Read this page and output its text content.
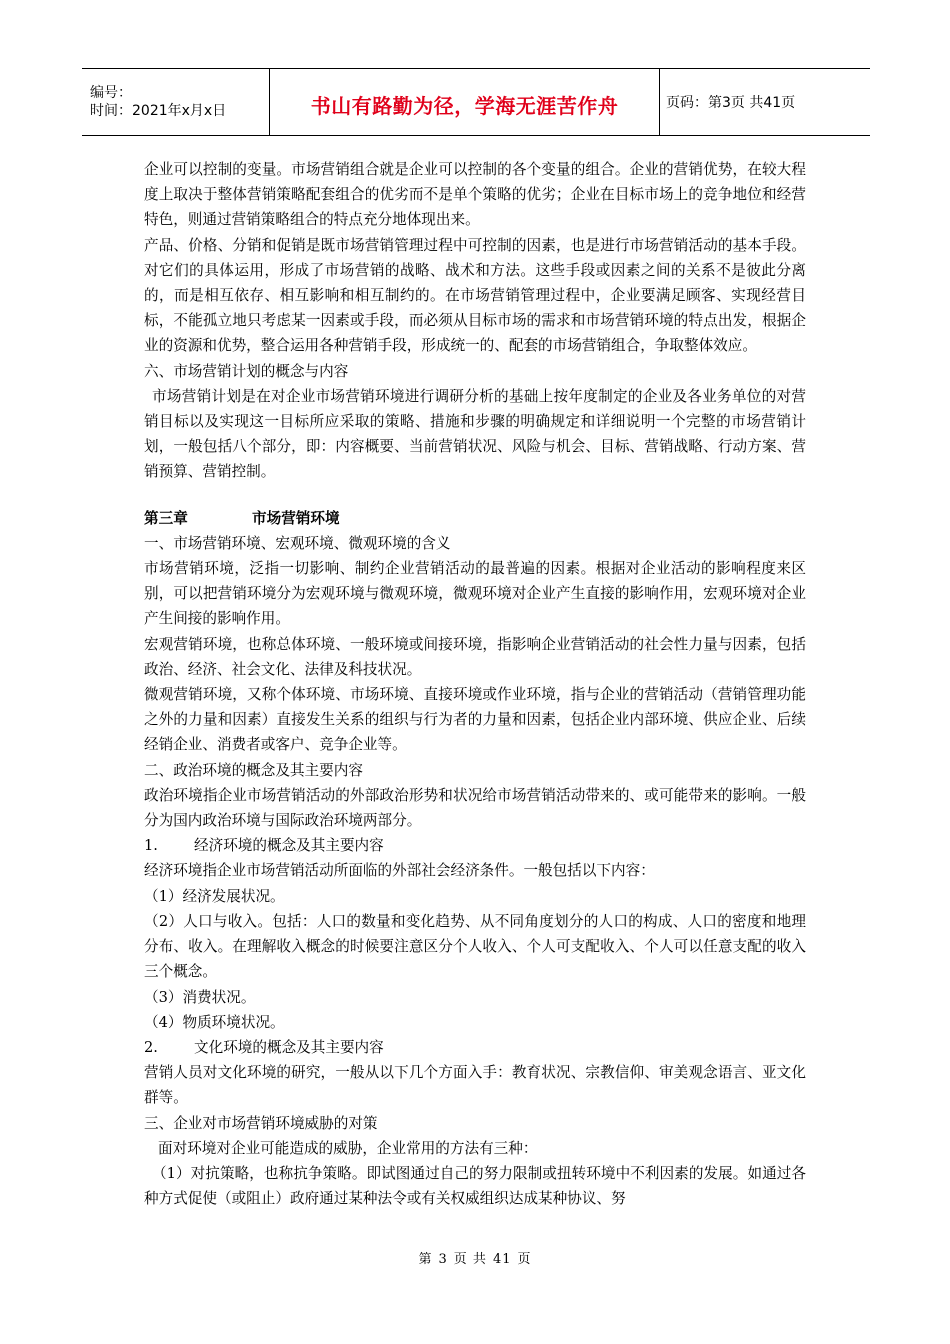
编号：
时间：2021年x月x日	书山有路勤为径，学海无涯苦作舟	页码：第3页 共41页

企业可以控制的变量。市场营销组合就是企业可以控制的各个变量的组合。企业的营销优势，在较大程度上取决于整体营销策略配套组合的优劣而不是单个策略的优劣；企业在目标市场上的竞争地位和经营特色，则通过营销策略组合的特点充分地体现出来。

产品、价格、分销和促销是既市场营销管理过程中可控制的因素，也是进行市场营销活动的基本手段。对它们的具体运用，形成了市场营销的战略、战术和方法。这些手段或因素之间的关系不是彼此分离的，而是相互依存、相互影响和相互制约的。在市场营销管理过程中，企业要满足顾客、实现经营目标，不能孤立地只考虑某一因素或手段，而必须从目标市场的需求和市场营销环境的特点出发，根据企业的资源和优势，整合运用各种营销手段，形成统一的、配套的市场营销组合，争取整体效应。

六、市场营销计划的概念与内容

市场营销计划是在对企业市场营销环境进行调研分析的基础上按年度制定的企业及各业务单位的对营销目标以及实现这一目标所应采取的策略、措施和步骤的明确规定和详细说明一个完整的市场营销计划，一般包括八个部分，即：内容概要、当前营销状况、风险与机会、目标、营销战略、行动方案、营销预算、营销控制。

第三章	市场营销环境

一、市场营销环境、宏观环境、微观环境的含义

市场营销环境，泛指一切影响、制约企业营销活动的最普遍的因素。根据对企业活动的影响程度来区别，可以把营销环境分为宏观环境与微观环境，微观环境对企业产生直接的影响作用，宏观环境对企业产生间接的影响作用。

宏观营销环境，也称总体环境、一般环境或间接环境，指影响企业营销活动的社会性力量与因素，包括政治、经济、社会文化、法律及科技状况。

微观营销环境，又称个体环境、市场环境、直接环境或作业环境，指与企业的营销活动（营销管理功能之外的力量和因素）直接发生关系的组织与行为者的力量和因素，包括企业内部环境、供应企业、后续经销企业、消费者或客户、竞争企业等。

二、政治环境的概念及其主要内容

政治环境指企业市场营销活动的外部政治形势和状况给市场营销活动带来的、或可能带来的影响。一般分为国内政治环境与国际政治环境两部分。

1. 经济环境的概念及其主要内容

经济环境指企业市场营销活动所面临的外部社会经济条件。一般包括以下内容：

（1）经济发展状况。

（2）人口与收入。包括：人口的数量和变化趋势、从不同角度划分的人口的构成、人口的密度和地理分布、收入。在理解收入概念的时候要注意区分个人收入、个人可支配收入、个人可以任意支配的收入三个概念。

（3）消费状况。

（4）物质环境状况。

2. 文化环境的概念及其主要内容

营销人员对文化环境的研究，一般从以下几个方面入手：教育状况、宗教信仰、审美观念语言、亚文化群等。

三、企业对市场营销环境威胁的对策

面对环境对企业可能造成的威胁，企业常用的方法有三种：

（1）对抗策略，也称抗争策略。即试图通过自己的努力限制或扭转环境中不利因素的发展。如通过各种方式促使（或阻止）政府通过某种法令或有关权威组织达成某种协议、努

第 3 页 共 41 页
